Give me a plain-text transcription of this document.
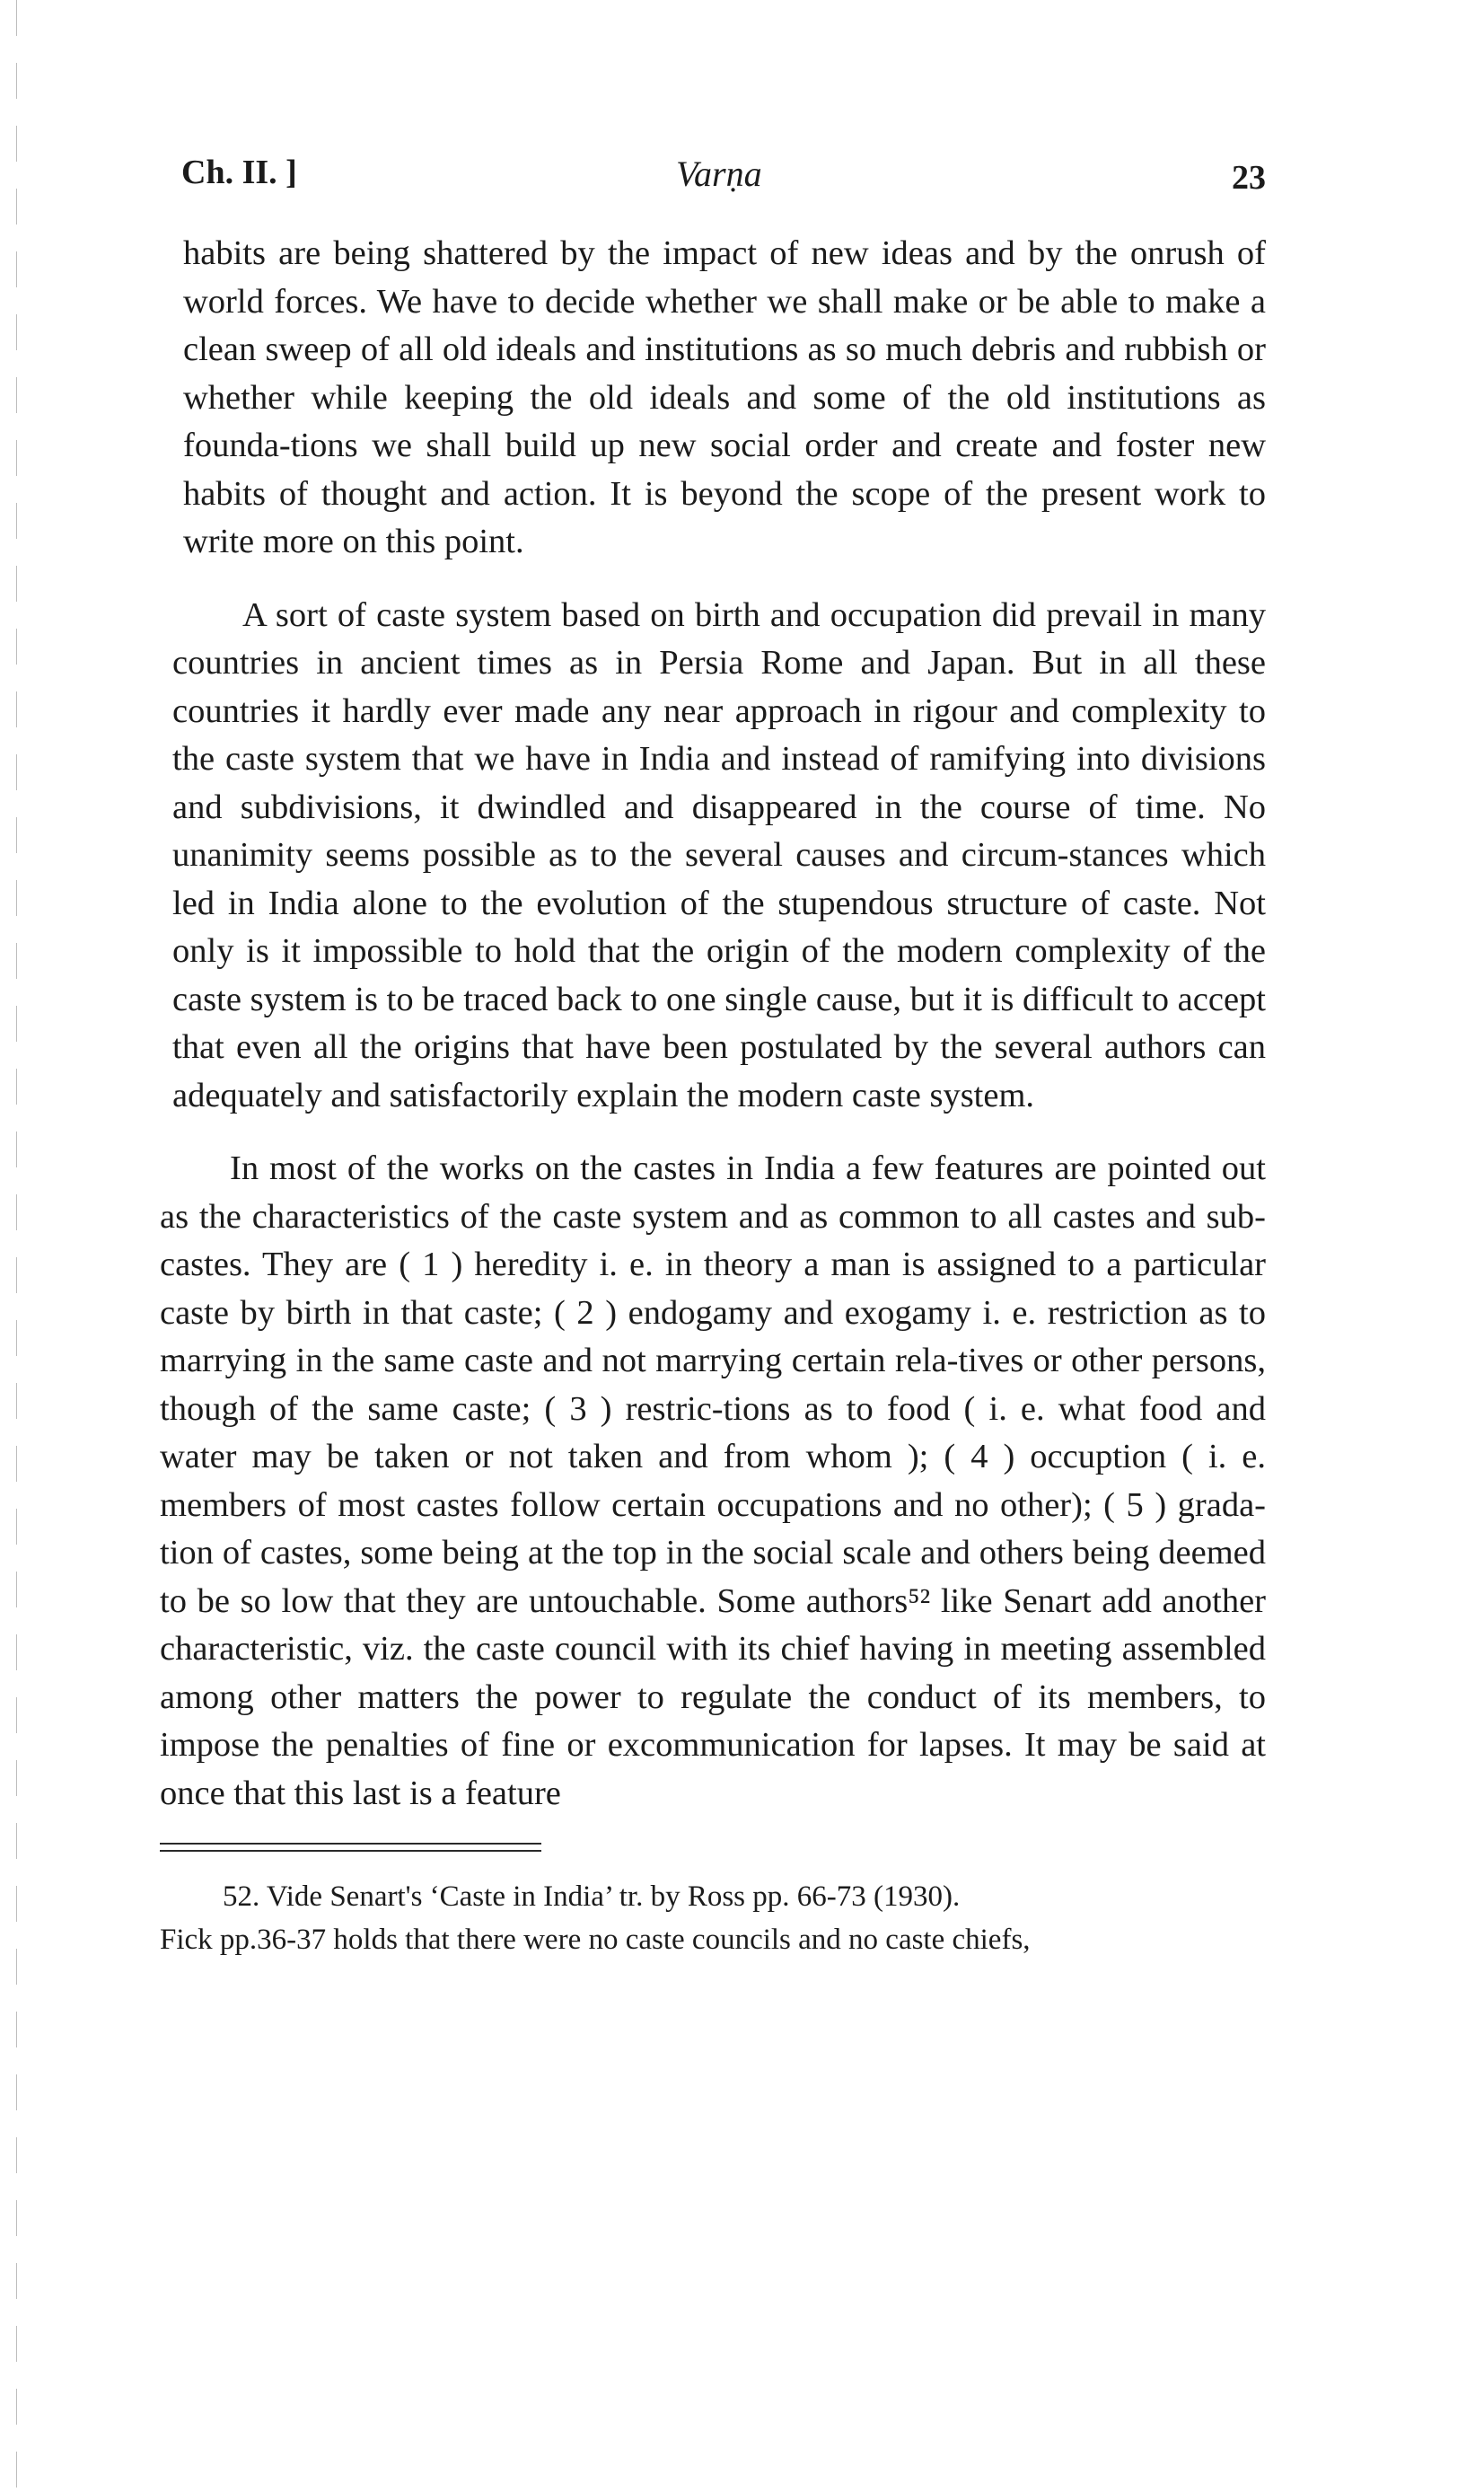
Ch. II. ]	Varṇa	23

habits are being shattered by the impact of new ideas and by the onrush of world forces. We have to decide whether we shall make or be able to make a clean sweep of all old ideals and institutions as so much debris and rubbish or whether while keeping the old ideals and some of the old institutions as founda-tions we shall build up new social order and create and foster new habits of thought and action. It is beyond the scope of the present work to write more on this point.

A sort of caste system based on birth and occupation did prevail in many countries in ancient times as in Persia Rome and Japan. But in all these countries it hardly ever made any near approach in rigour and complexity to the caste system that we have in India and instead of ramifying into divisions and subdivisions, it dwindled and disappeared in the course of time. No unanimity seems possible as to the several causes and circum-stances which led in India alone to the evolution of the stupendous structure of caste. Not only is it impossible to hold that the origin of the modern complexity of the caste system is to be traced back to one single cause, but it is difficult to accept that even all the origins that have been postulated by the several authors can adequately and satisfactorily explain the modern caste system.

In most of the works on the castes in India a few features are pointed out as the characteristics of the caste system and as common to all castes and sub-castes. They are ( 1 ) heredity i. e. in theory a man is assigned to a particular caste by birth in that caste; ( 2 ) endogamy and exogamy i. e. restriction as to marrying in the same caste and not marrying certain rela-tives or other persons, though of the same caste; ( 3 ) restric-tions as to food ( i. e. what food and water may be taken or not taken and from whom ); ( 4 ) occuption ( i. e. members of most castes follow certain occupations and no other); ( 5 ) grada-tion of castes, some being at the top in the social scale and others being deemed to be so low that they are untouchable. Some authors⁵² like Senart add another characteristic, viz. the caste council with its chief having in meeting assembled among other matters the power to regulate the conduct of its members, to impose the penalties of fine or excommunication for lapses. It may be said at once that this last is a feature

52. Vide Senart's ‘Caste in India’ tr. by Ross pp. 66-73 (1930).
Fick pp.36-37 holds that there were no caste councils and no caste chiefs,
